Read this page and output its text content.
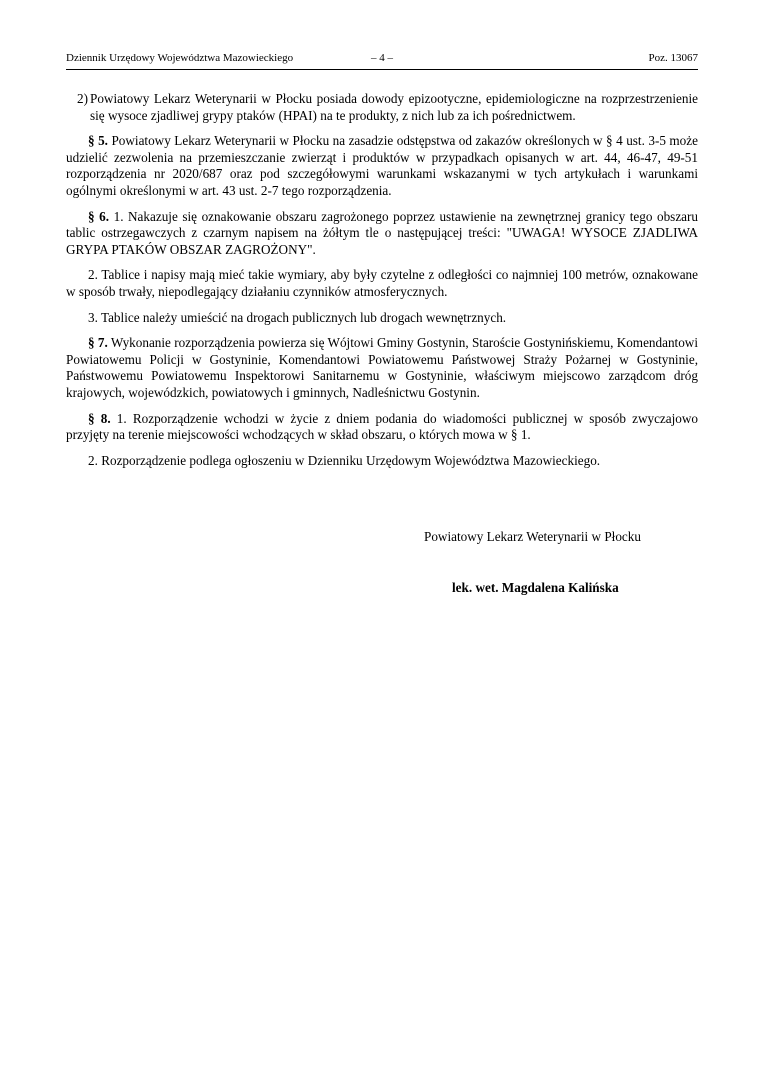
Dziennik Urzędowy Województwa Mazowieckiego	– 4 –	Poz. 13067
2) Powiatowy Lekarz Weterynarii w Płocku posiada dowody epizootyczne, epidemiologiczne na rozprzestrzenienie się wysoce zjadliwej grypy ptaków (HPAI) na te produkty, z nich lub za ich pośrednictwem.

§ 5. Powiatowy Lekarz Weterynarii w Płocku na zasadzie odstępstwa od zakazów określonych w § 4 ust. 3-5 może udzielić zezwolenia na przemieszczanie zwierząt i produktów w przypadkach opisanych w art. 44, 46-47, 49-51 rozporządzenia nr 2020/687 oraz pod szczegółowymi warunkami wskazanymi w tych artykułach i warunkami ogólnymi określonymi w art. 43 ust. 2-7 tego rozporządzenia.

§ 6. 1. Nakazuje się oznakowanie obszaru zagrożonego poprzez ustawienie na zewnętrznej granicy tego obszaru tablic ostrzegawczych z czarnym napisem na żółtym tle o następującej treści: "UWAGA! WYSOCE ZJADLIWA GRYPA PTAKÓW OBSZAR ZAGROŻONY".

2. Tablice i napisy mają mieć takie wymiary, aby były czytelne z odległości co najmniej 100 metrów, oznakowane w sposób trwały, niepodlegający działaniu czynników atmosferycznych.

3. Tablice należy umieścić na drogach publicznych lub drogach wewnętrznych.

§ 7. Wykonanie rozporządzenia powierza się Wójtowi Gminy Gostynin, Staroście Gostynińskiemu, Komendantowi Powiatowemu Policji w Gostyninie, Komendantowi Powiatowemu Państwowej Straży Pożarnej w Gostyninie, Państwowemu Powiatowemu Inspektorowi Sanitarnemu w Gostyninie, właściwym miejscowo zarządcom dróg krajowych, wojewódzkich, powiatowych i gminnych, Nadleśnictwu Gostynin.

§ 8. 1. Rozporządzenie wchodzi w życie z dniem podania do wiadomości publicznej w sposób zwyczajowo przyjęty na terenie miejscowości wchodzących w skład obszaru, o których mowa w § 1.

2. Rozporządzenie podlega ogłoszeniu w Dzienniku Urzędowym Województwa Mazowieckiego.

Powiatowy Lekarz Weterynarii w Płocku
lek. wet. Magdalena Kalińska
